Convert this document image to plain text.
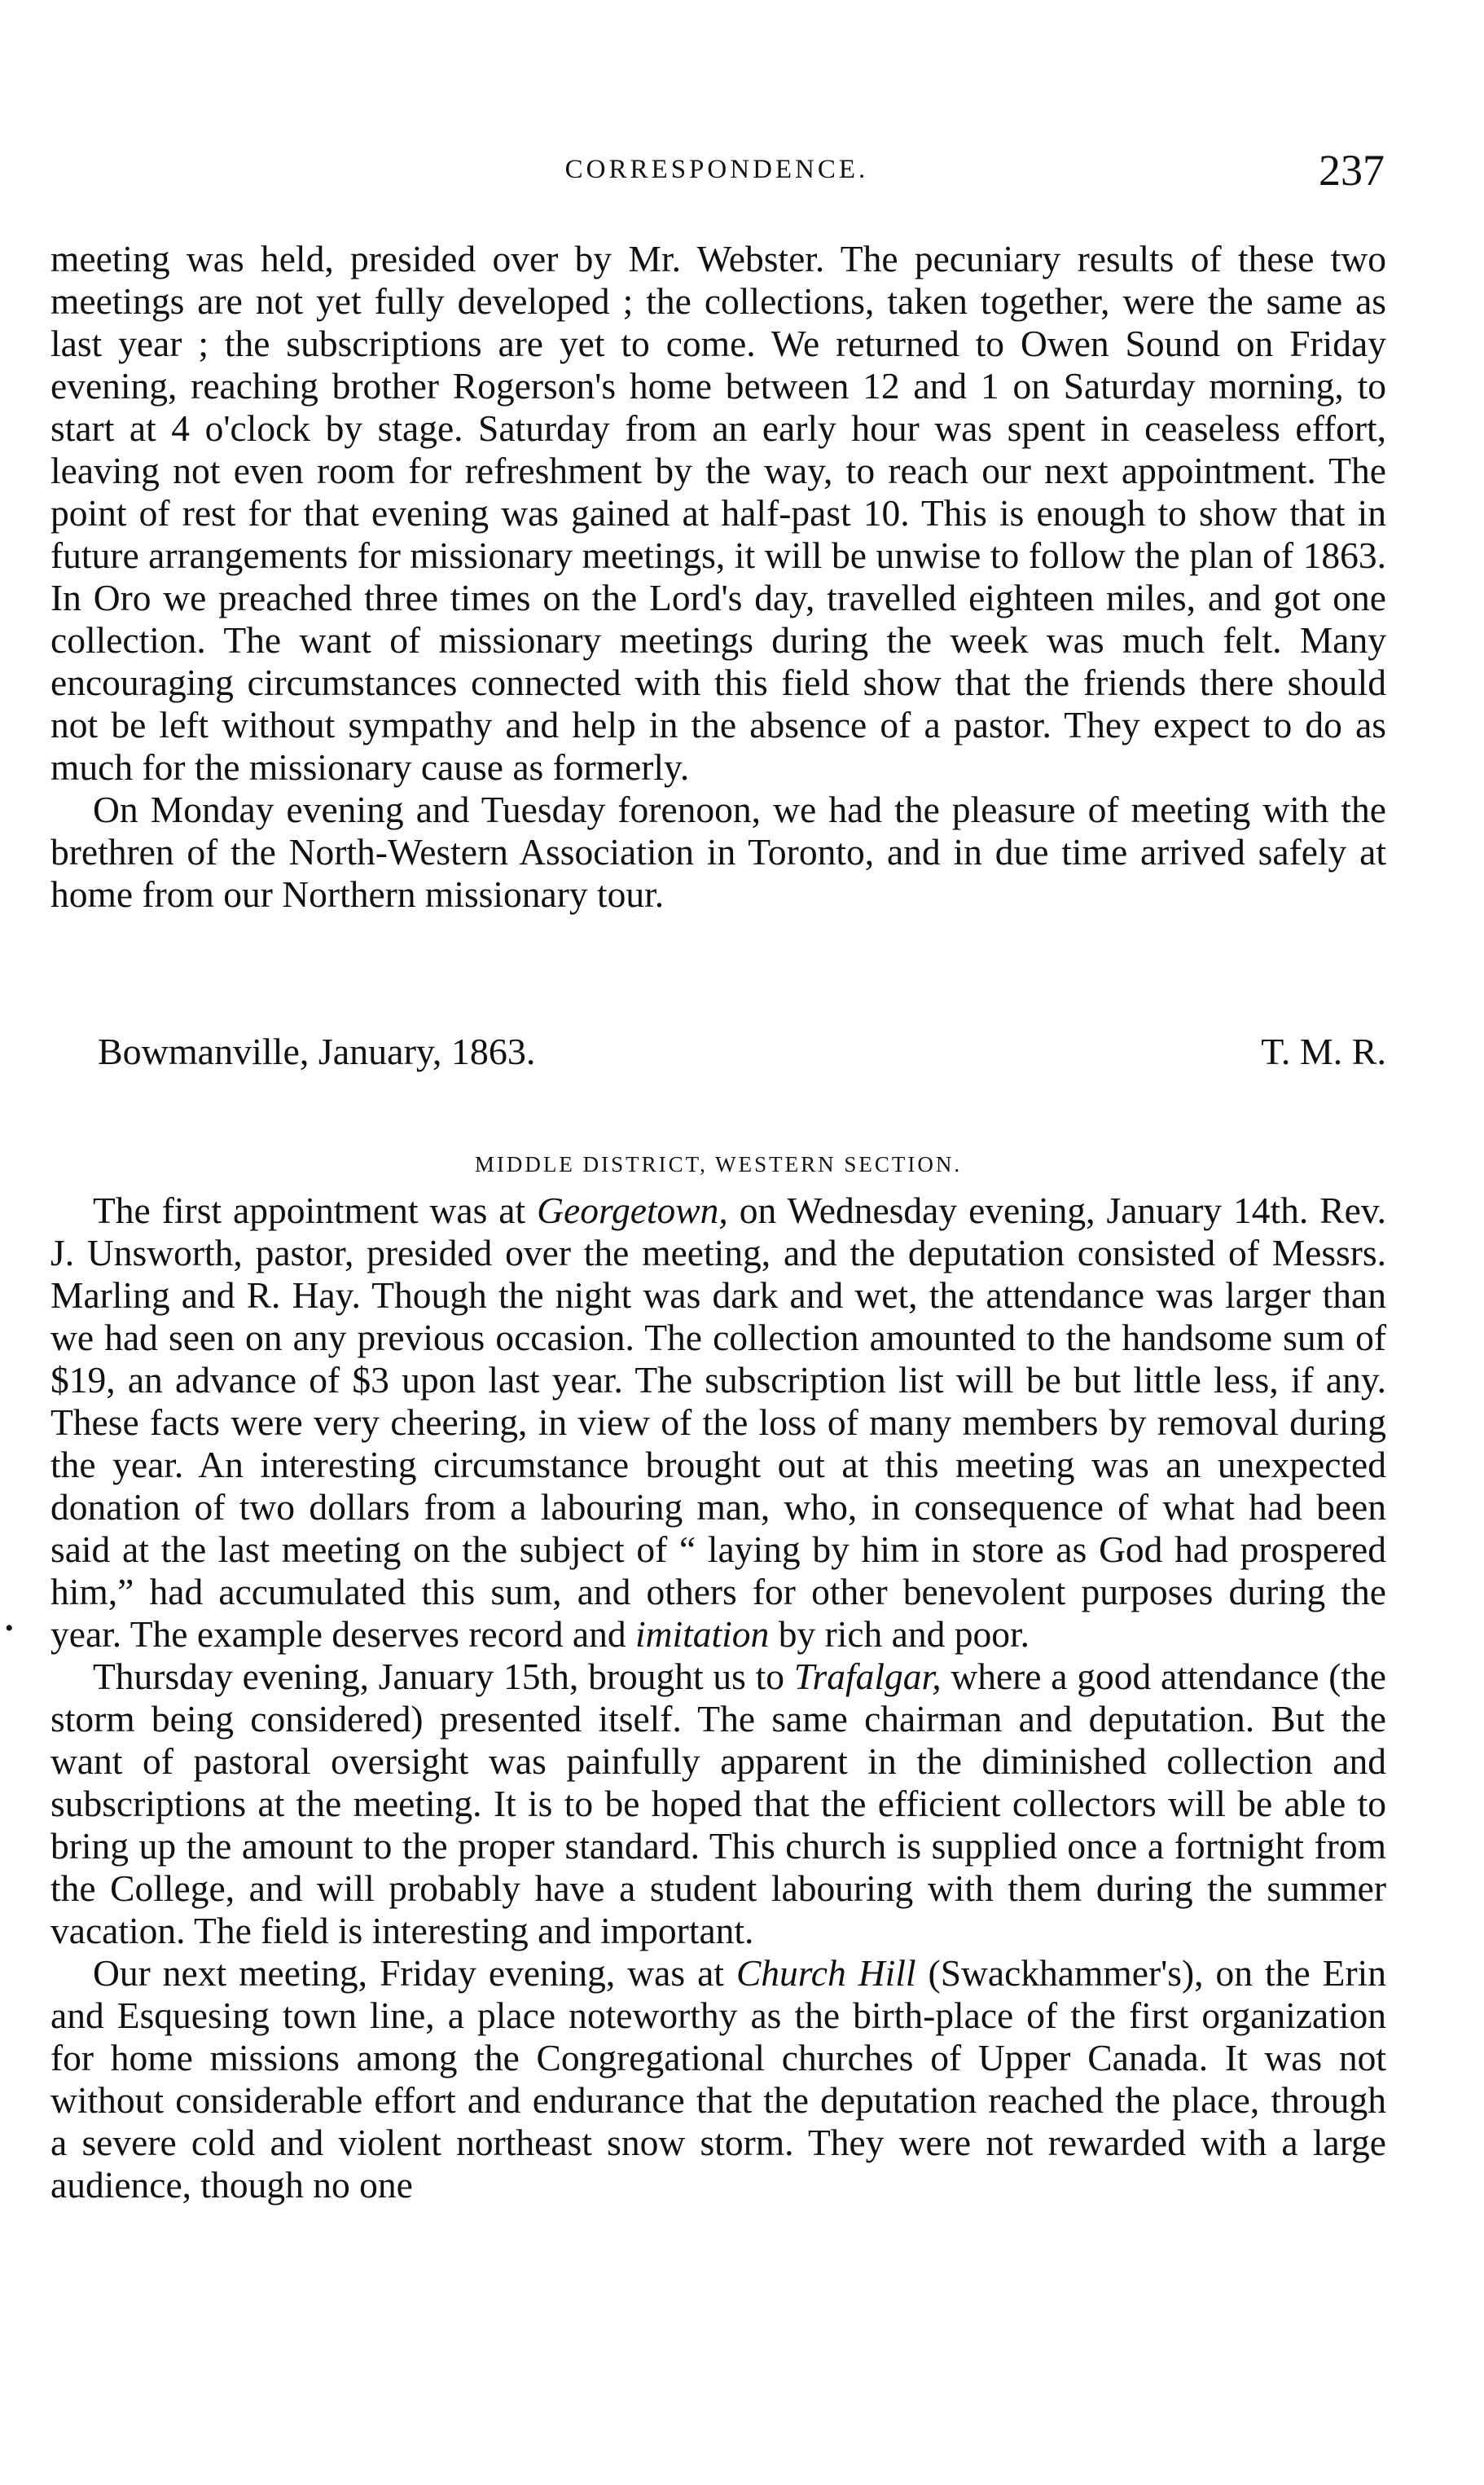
CORRESPONDENCE.	237

meeting was held, presided over by Mr. Webster. The pecuniary results of these two meetings are not yet fully developed ; the collections, taken together, were the same as last year ; the subscriptions are yet to come. We returned to Owen Sound on Friday evening, reaching brother Rogerson's home between 12 and 1 on Saturday morning, to start at 4 o'clock by stage. Saturday from an early hour was spent in ceaseless effort, leaving not even room for refreshment by the way, to reach our next appointment. The point of rest for that evening was gained at half-past 10. This is enough to show that in future arrangements for missionary meetings, it will be unwise to follow the plan of 1863. In Oro we preached three times on the Lord's day, travelled eighteen miles, and got one collection. The want of missionary meetings during the week was much felt. Many encouraging circumstances connected with this field show that the friends there should not be left without sympathy and help in the absence of a pastor. They expect to do as much for the missionary cause as formerly.

On Monday evening and Tuesday forenoon, we had the pleasure of meeting with the brethren of the North-Western Association in Toronto, and in due time arrived safely at home from our Northern missionary tour.

Bowmanville, January, 1863.	T. M. R.
MIDDLE DISTRICT, WESTERN SECTION.

The first appointment was at Georgetown, on Wednesday evening, January 14th. Rev. J. Unsworth, pastor, presided over the meeting, and the deputation consisted of Messrs. Marling and R. Hay. Though the night was dark and wet, the attendance was larger than we had seen on any previous occasion. The collection amounted to the handsome sum of $19, an advance of $3 upon last year. The subscription list will be but little less, if any. These facts were very cheering, in view of the loss of many members by removal during the year. An interesting circumstance brought out at this meeting was an unexpected donation of two dollars from a labouring man, who, in consequence of what had been said at the last meeting on the subject of “ laying by him in store as God had prospered him,” had accumulated this sum, and others for other benevolent purposes during the year. The example deserves record and imitation by rich and poor.

Thursday evening, January 15th, brought us to Trafalgar, where a good attendance (the storm being considered) presented itself. The same chairman and deputation. But the want of pastoral oversight was painfully apparent in the diminished collection and subscriptions at the meeting. It is to be hoped that the efficient collectors will be able to bring up the amount to the proper standard. This church is supplied once a fortnight from the College, and will probably have a student labouring with them during the summer vacation. The field is interesting and important.

Our next meeting, Friday evening, was at Church Hill (Swackhammer's), on the Erin and Esquesing town line, a place noteworthy as the birth-place of the first organization for home missions among the Congregational churches of Upper Canada. It was not without considerable effort and endurance that the deputation reached the place, through a severe cold and violent northeast snow storm. They were not rewarded with a large audience, though no one

•
